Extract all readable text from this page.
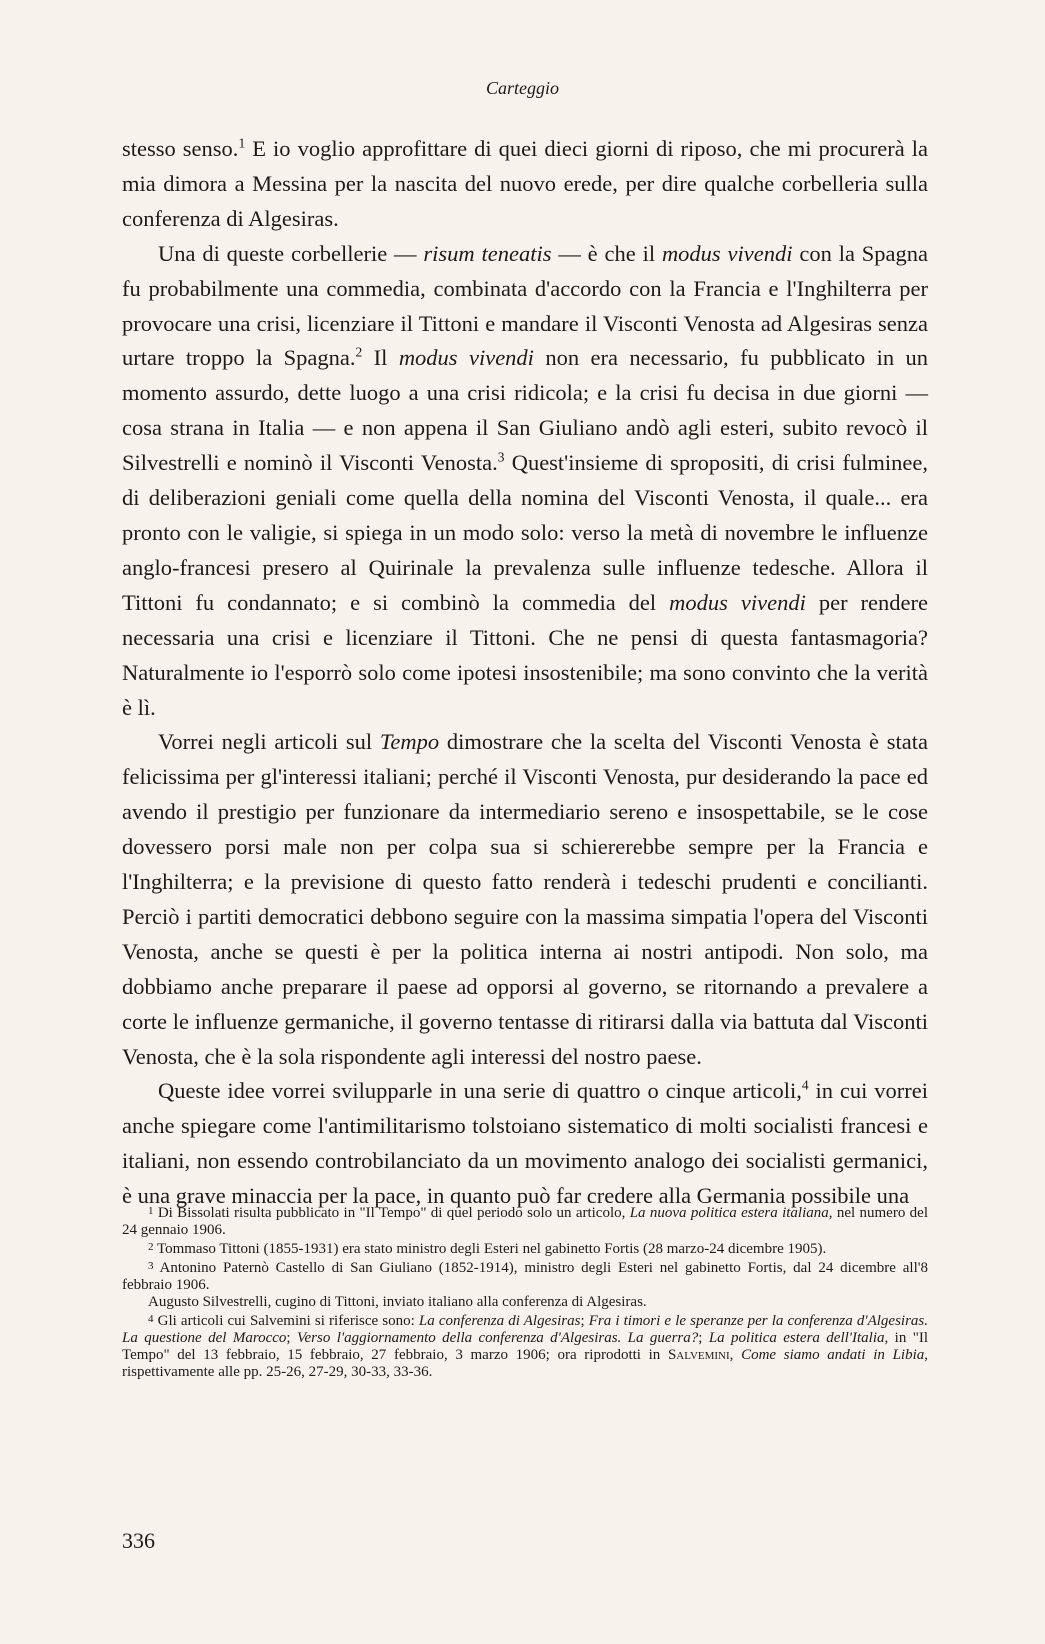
Carteggio

stesso senso.$^1$ E io voglio approfittare di quei dieci giorni di riposo, che mi procurerà la mia dimora a Messina per la nascita del nuovo erede, per dire qualche corbelleria sulla conferenza di Algesiras.

Una di queste corbellerie — risum teneatis — è che il modus vivendi con la Spagna fu probabilmente una commedia, combinata d'accordo con la Francia e l'Inghilterra per provocare una crisi, licenziare il Tittoni e mandare il Visconti Venosta ad Algesiras senza urtare troppo la Spagna.$^2$ Il modus vivendi non era necessario, fu pubblicato in un momento assurdo, dette luogo a una crisi ridicola; e la crisi fu decisa in due giorni — cosa strana in Italia — e non appena il San Giuliano andò agli esteri, subito revocò il Silvestrelli e nominò il Visconti Venosta.$^3$ Quest'insieme di spropositi, di crisi fulminee, di deliberazioni geniali come quella della nomina del Visconti Venosta, il quale... era pronto con le valigie, si spiega in un modo solo: verso la metà di novembre le influenze anglo-francesi presero al Quirinale la prevalenza sulle influenze tedesche. Allora il Tittoni fu condannato; e si combinò la commedia del modus vivendi per rendere necessaria una crisi e licenziare il Tittoni. Che ne pensi di questa fantasmagoria? Naturalmente io l'esporrò solo come ipotesi insostenibile; ma sono convinto che la verità è lì.

Vorrei negli articoli sul Tempo dimostrare che la scelta del Visconti Venosta è stata felicissima per gl'interessi italiani; perché il Visconti Venosta, pur desiderando la pace ed avendo il prestigio per funzionare da intermediario sereno e insospettabile, se le cose dovessero porsi male non per colpa sua si schiererebbe sempre per la Francia e l'Inghilterra; e la previsione di questo fatto renderà i tedeschi prudenti e concilianti. Perciò i partiti democratici debbono seguire con la massima simpatia l'opera del Visconti Venosta, anche se questi è per la politica interna ai nostri antipodi. Non solo, ma dobbiamo anche preparare il paese ad opporsi al governo, se ritornando a prevalere a corte le influenze germaniche, il governo tentasse di ritirarsi dalla via battuta dal Visconti Venosta, che è la sola rispondente agli interessi del nostro paese.

Queste idee vorrei svilupparle in una serie di quattro o cinque articoli,$^4$ in cui vorrei anche spiegare come l'antimilitarismo tolstoiano sistematico di molti socialisti francesi e italiani, non essendo controbilanciato da un movimento analogo dei socialisti germanici, è una grave minaccia per la pace, in quanto può far credere alla Germania possibile una

$^1$ Di Bissolati risulta pubblicato in "Il Tempo" di quel periodo solo un articolo, La nuova politica estera italiana, nel numero del 24 gennaio 1906.

$^2$ Tommaso Tittoni (1855-1931) era stato ministro degli Esteri nel gabinetto Fortis (28 marzo-24 dicembre 1905).

$^3$ Antonino Paternò Castello di San Giuliano (1852-1914), ministro degli Esteri nel gabinetto Fortis, dal 24 dicembre all'8 febbraio 1906.

Augusto Silvestrelli, cugino di Tittoni, inviato italiano alla conferenza di Algesiras.

$^4$ Gli articoli cui Salvemini si riferisce sono: La conferenza di Algesiras; Fra i timori e le speranze per la conferenza d'Algesiras. La questione del Marocco; Verso l'aggiornamento della conferenza d'Algesiras. La guerra?; La politica estera dell'Italia, in "Il Tempo" del 13 febbraio, 15 febbraio, 27 febbraio, 3 marzo 1906; ora riprodotti in Salvemini, Come siamo andati in Libia, rispettivamente alle pp. 25-26, 27-29, 30-33, 33-36.

336
